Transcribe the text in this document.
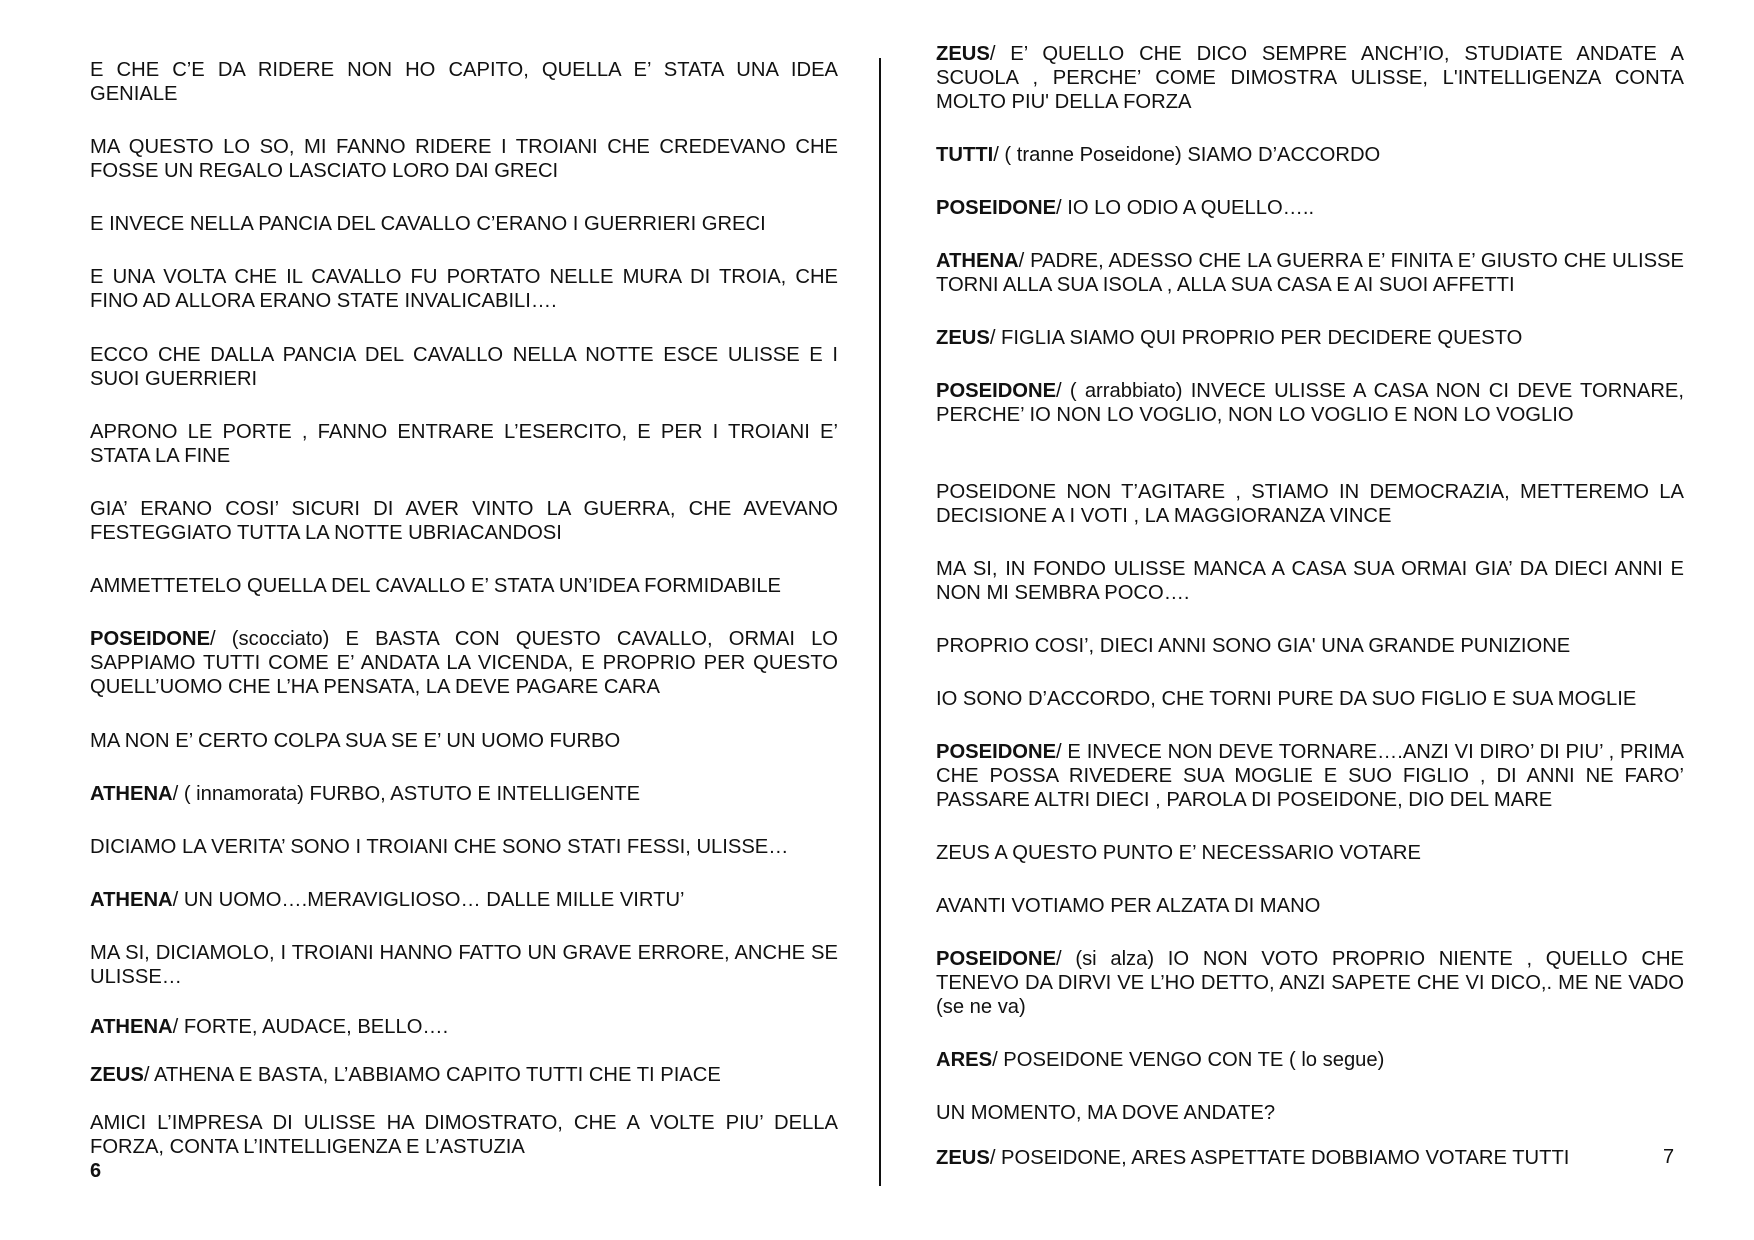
E CHE C’E DA RIDERE NON HO CAPITO, QUELLA E’ STATA UNA IDEA GENIALE

MA QUESTO LO SO, MI FANNO RIDERE I TROIANI CHE CREDEVANO CHE FOSSE UN REGALO LASCIATO LORO DAI GRECI

E INVECE NELLA PANCIA DEL CAVALLO C’ERANO I GUERRIERI GRECI

E UNA VOLTA CHE IL CAVALLO FU PORTATO NELLE MURA DI TROIA, CHE FINO AD ALLORA ERANO STATE INVALICABILI….

ECCO CHE DALLA PANCIA DEL CAVALLO NELLA NOTTE ESCE ULISSE E I SUOI GUERRIERI

APRONO LE PORTE , FANNO ENTRARE L’ESERCITO, E PER I TROIANI E’ STATA LA FINE

GIA’ ERANO COSI’ SICURI DI AVER VINTO LA GUERRA, CHE AVEVANO FESTEGGIATO TUTTA LA NOTTE UBRIACANDOSI

AMMETTETELO QUELLA DEL CAVALLO E’ STATA UN’IDEA FORMIDABILE

POSEIDONE/ (scocciato) E BASTA CON QUESTO CAVALLO, ORMAI LO SAPPIAMO TUTTI COME E’ ANDATA LA VICENDA, E PROPRIO PER QUESTO QUELL’UOMO CHE L’HA PENSATA, LA DEVE PAGARE CARA

MA NON E’ CERTO COLPA SUA SE E’ UN UOMO FURBO

ATHENA/ ( innamorata) FURBO, ASTUTO E INTELLIGENTE

DICIAMO LA VERITA’ SONO I TROIANI CHE SONO STATI FESSI, ULISSE…

ATHENA/ UN UOMO….MERAVIGLIOSO… DALLE MILLE VIRTU’

MA SI, DICIAMOLO, I TROIANI HANNO FATTO UN GRAVE ERRORE, ANCHE SE ULISSE…

ATHENA/ FORTE, AUDACE, BELLO….

ZEUS/ ATHENA E BASTA, L’ABBIAMO CAPITO TUTTI CHE TI PIACE

AMICI L’IMPRESA DI ULISSE HA DIMOSTRATO, CHE A VOLTE PIU’ DELLA FORZA, CONTA L’INTELLIGENZA E L’ASTUZIA

6

ZEUS/ E’ QUELLO CHE DICO SEMPRE ANCH’IO, STUDIATE ANDATE A SCUOLA , PERCHE’ COME DIMOSTRA ULISSE, L'INTELLIGENZA CONTA MOLTO PIU' DELLA FORZA

TUTTI/ ( tranne Poseidone) SIAMO D’ACCORDO

POSEIDONE/ IO LO ODIO A QUELLO…..

ATHENA/ PADRE, ADESSO CHE LA GUERRA E’ FINITA E’ GIUSTO CHE ULISSE TORNI ALLA SUA ISOLA , ALLA SUA CASA E AI SUOI AFFETTI

ZEUS/ FIGLIA SIAMO QUI PROPRIO PER DECIDERE QUESTO

POSEIDONE/ ( arrabbiato) INVECE ULISSE A CASA NON CI DEVE TORNARE, PERCHE’ IO NON LO VOGLIO, NON LO VOGLIO E NON LO VOGLIO

POSEIDONE NON T’AGITARE , STIAMO IN DEMOCRAZIA, METTEREMO LA DECISIONE A I VOTI , LA MAGGIORANZA VINCE

MA SI, IN FONDO ULISSE MANCA A CASA SUA ORMAI GIA’ DA DIECI ANNI E NON MI SEMBRA POCO….

PROPRIO COSI’, DIECI ANNI SONO GIA' UNA GRANDE PUNIZIONE

IO SONO D’ACCORDO, CHE TORNI PURE DA SUO FIGLIO E SUA MOGLIE

POSEIDONE/ E INVECE NON DEVE TORNARE….ANZI VI DIRO’ DI PIU’ , PRIMA CHE POSSA RIVEDERE SUA MOGLIE E SUO FIGLIO , DI ANNI NE FARO’ PASSARE ALTRI DIECI , PAROLA DI POSEIDONE, DIO DEL MARE

ZEUS A QUESTO PUNTO E’ NECESSARIO VOTARE

AVANTI VOTIAMO PER ALZATA DI MANO

POSEIDONE/ (si alza) IO NON VOTO PROPRIO NIENTE , QUELLO CHE TENEVO DA DIRVI VE L’HO DETTO, ANZI SAPETE CHE VI DICO,. ME NE VADO (se ne va)

ARES/ POSEIDONE VENGO CON TE ( lo segue)

UN MOMENTO, MA DOVE ANDATE?

ZEUS/ POSEIDONE, ARES ASPETTATE DOBBIAMO VOTARE TUTTI	7
